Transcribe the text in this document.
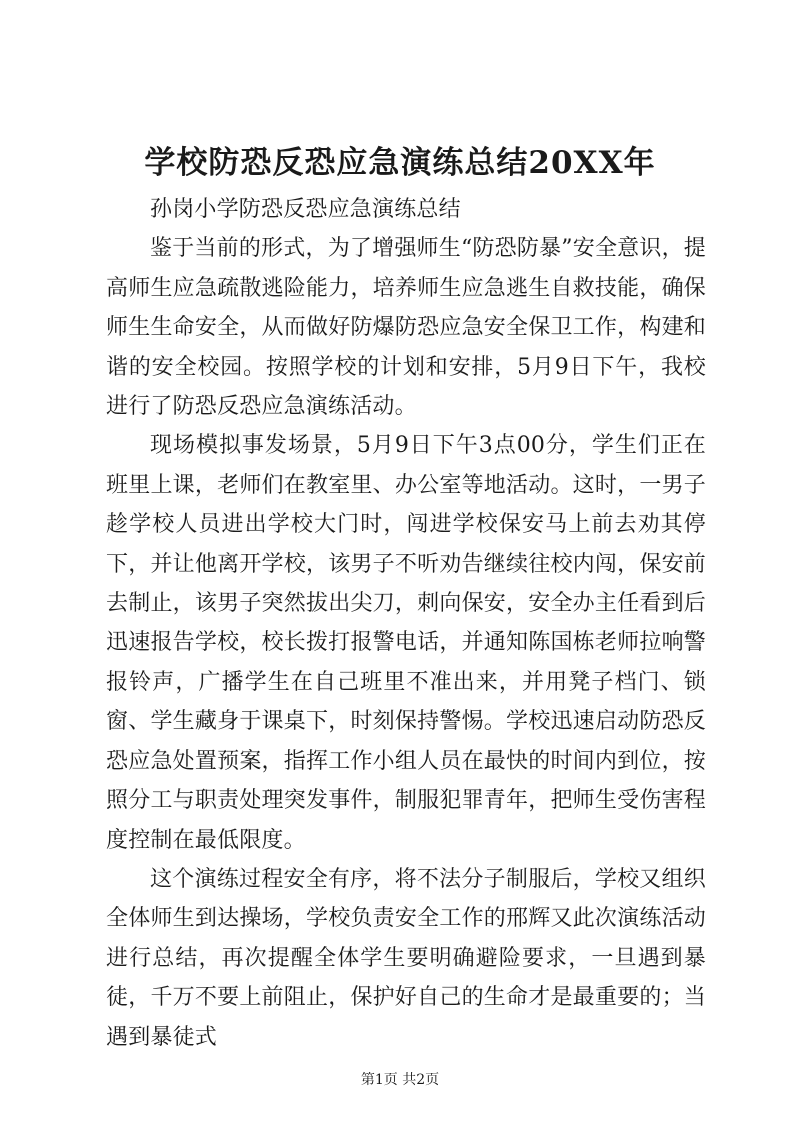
学校防恐反恐应急演练总结20XX年

孙岗小学防恐反恐应急演练总结

鉴于当前的形式，为了增强师生“防恐防暴”安全意识，提高师生应急疏散逃险能力，培养师生应急逃生自救技能，确保师生生命安全，从而做好防爆防恐应急安全保卫工作，构建和谐的安全校园。按照学校的计划和安排，5月9日下午，我校进行了防恐反恐应急演练活动。

现场模拟事发场景，5月9日下午3点00分，学生们正在班里上课，老师们在教室里、办公室等地活动。这时，一男子趁学校人员进出学校大门时，闯进学校保安马上前去劝其停下，并让他离开学校，该男子不听劝告继续往校内闯，保安前去制止，该男子突然拔出尖刀，刺向保安，安全办主任看到后迅速报告学校，校长拨打报警电话，并通知陈国栋老师拉响警报铃声，广播学生在自己班里不准出来，并用凳子档门、锁窗、学生藏身于课桌下，时刻保持警惕。学校迅速启动防恐反恐应急处置预案，指挥工作小组人员在最快的时间内到位，按照分工与职责处理突发事件，制服犯罪青年，把师生受伤害程度控制在最低限度。

这个演练过程安全有序，将不法分子制服后，学校又组织全体师生到达操场，学校负责安全工作的邢辉又此次演练活动进行总结，再次提醒全体学生要明确避险要求，一旦遇到暴徒，千万不要上前阻止，保护好自己的生命才是最重要的；当遇到暴徒式

第1页 共2页
